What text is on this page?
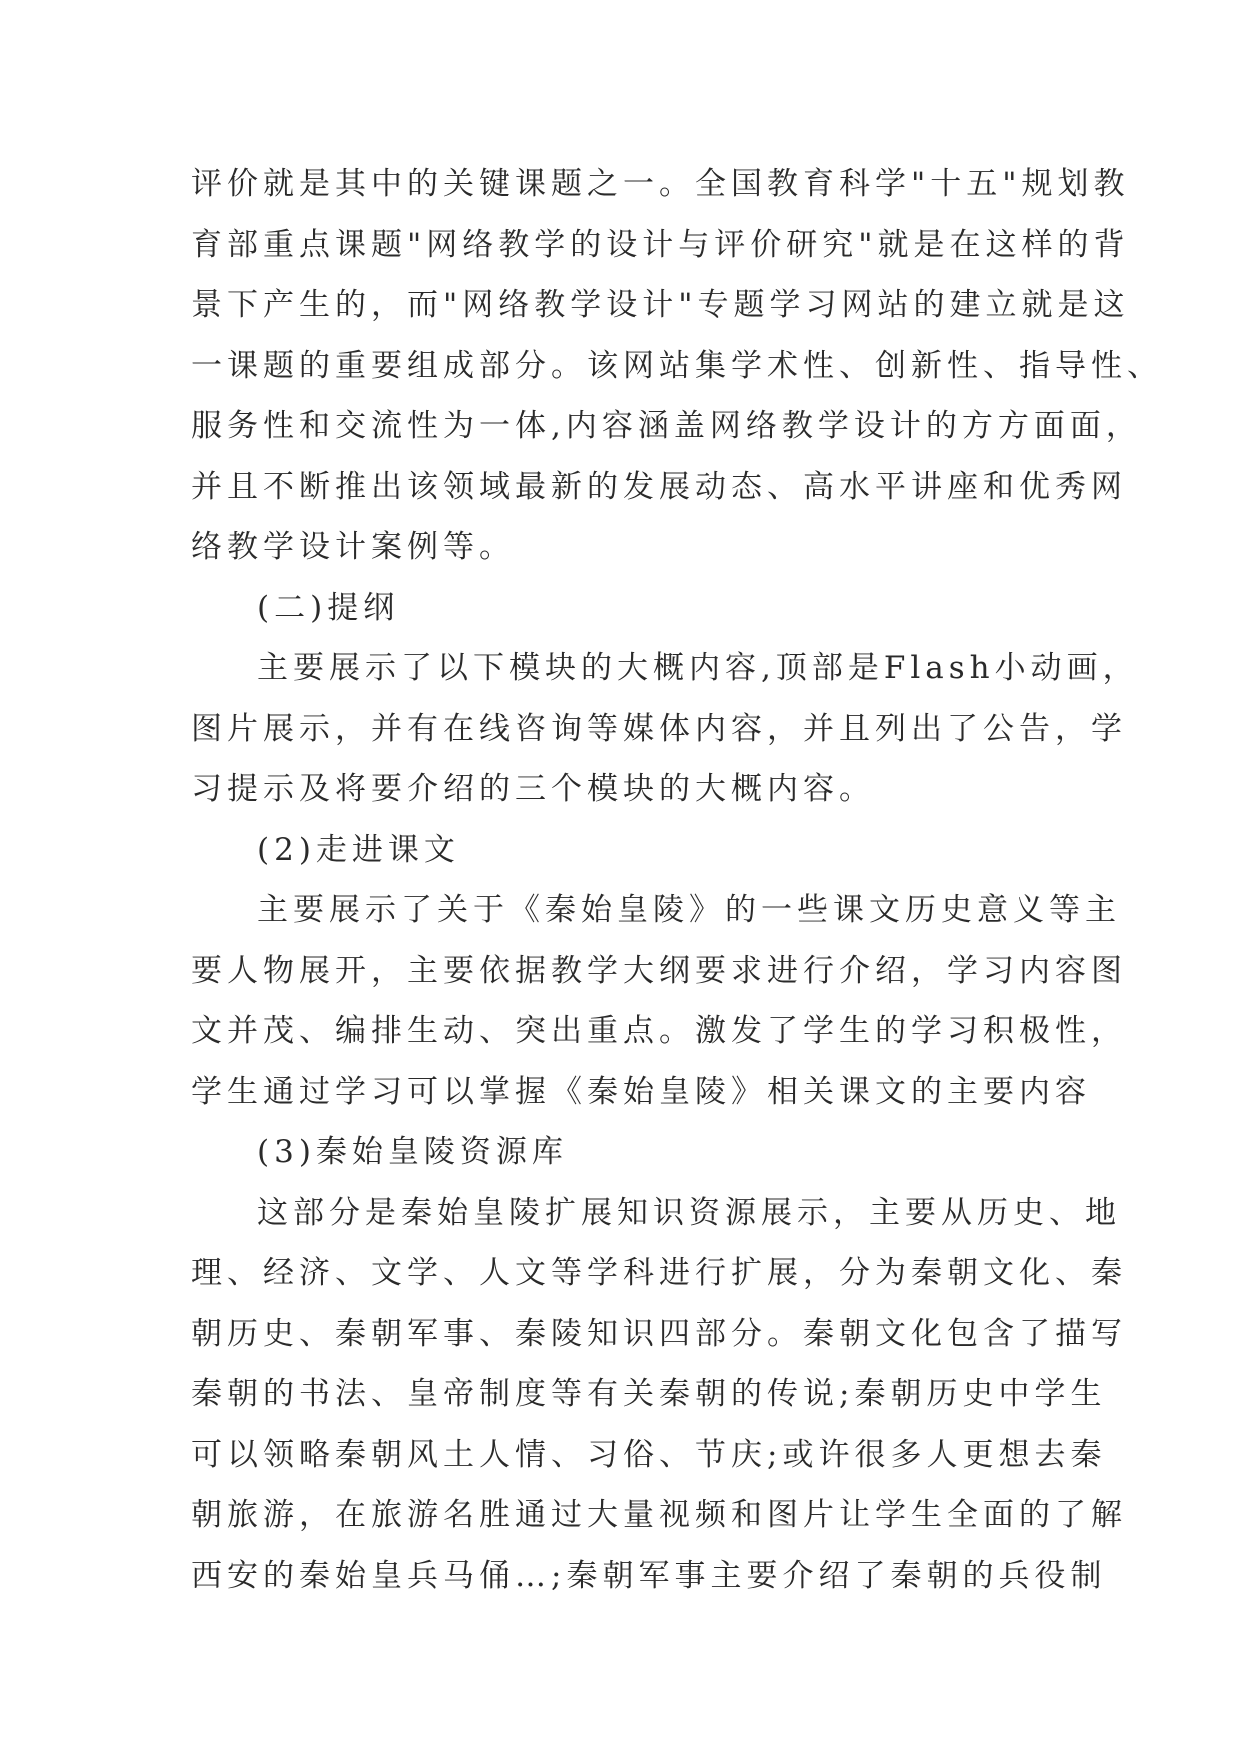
评价就是其中的关键课题之一。全国教育科学"十五"规划教
育部重点课题"网络教学的设计与评价研究"就是在这样的背
景下产生的，而"网络教学设计"专题学习网站的建立就是这
一课题的重要组成部分。该网站集学术性、创新性、指导性、
服务性和交流性为一体,内容涵盖网络教学设计的方方面面，
并且不断推出该领域最新的发展动态、高水平讲座和优秀网
络教学设计案例等。
(二)提纲
主要展示了以下模块的大概内容,顶部是Flash小动画，
图片展示，并有在线咨询等媒体内容，并且列出了公告，学
习提示及将要介绍的三个模块的大概内容。
(2)走进课文
主要展示了关于《秦始皇陵》的一些课文历史意义等主
要人物展开，主要依据教学大纲要求进行介绍，学习内容图
文并茂、编排生动、突出重点。激发了学生的学习积极性，
学生通过学习可以掌握《秦始皇陵》相关课文的主要内容
(3)秦始皇陵资源库
这部分是秦始皇陵扩展知识资源展示，主要从历史、地
理、经济、文学、人文等学科进行扩展，分为秦朝文化、秦
朝历史、秦朝军事、秦陵知识四部分。秦朝文化包含了描写
秦朝的书法、皇帝制度等有关秦朝的传说;秦朝历史中学生
可以领略秦朝风土人情、习俗、节庆;或许很多人更想去秦
朝旅游，在旅游名胜通过大量视频和图片让学生全面的了解
西安的秦始皇兵马俑…;秦朝军事主要介绍了秦朝的兵役制
